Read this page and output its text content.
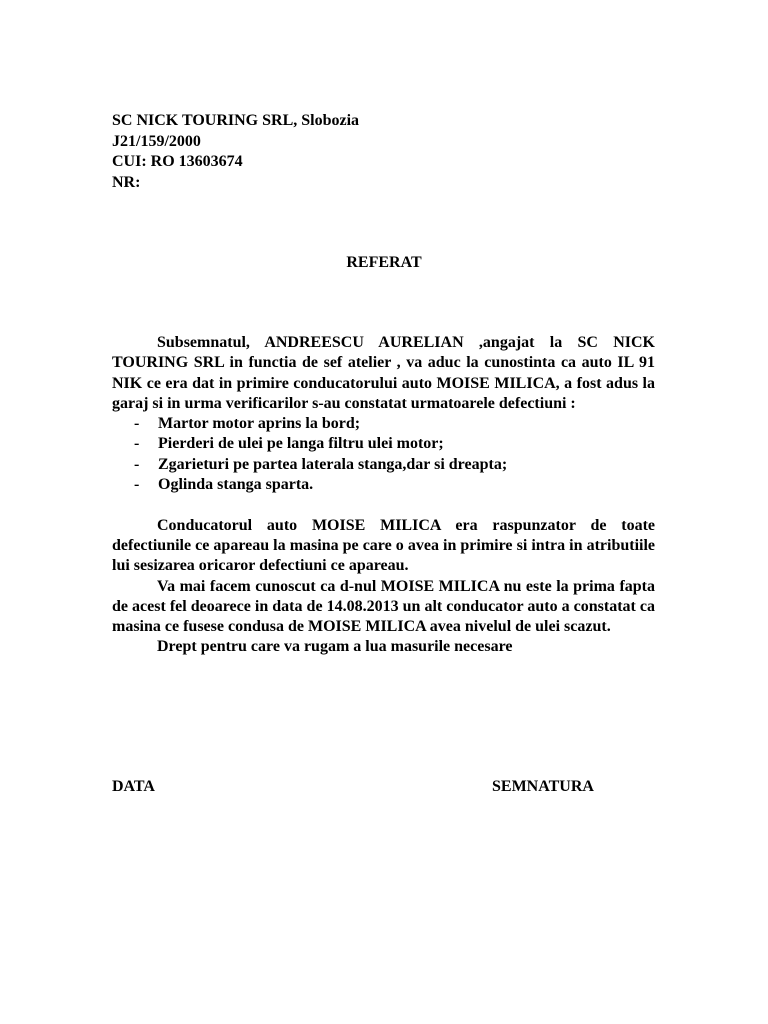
SC NICK TOURING SRL, Slobozia
J21/159/2000
CUI: RO 13603674
NR:
REFERAT

Subsemnatul, ANDREESCU AURELIAN ,angajat la SC NICK TOURING SRL in functia de sef atelier , va aduc la cunostinta ca auto IL 91 NIK ce era dat in primire conducatorului auto MOISE MILICA, a fost adus la garaj si in urma verificarilor s-au constatat urmatoarele defectiuni :

- Martor motor aprins la bord;
- Pierderi de ulei pe langa filtru ulei motor;
- Zgarieturi pe partea laterala stanga,dar si dreapta;
- Oglinda stanga sparta.

Conducatorul auto MOISE MILICA era raspunzator de toate defectiunile ce apareau la masina pe care o avea in primire si intra in atributiile lui sesizarea oricaror defectiuni ce apareau.

Va mai facem cunoscut ca d-nul MOISE MILICA nu este la prima fapta de acest fel deoarece in data de 14.08.2013 un alt conducator auto a constatat ca masina ce fusese condusa de MOISE MILICA avea nivelul de ulei scazut.

Drept pentru care va rugam a lua masurile necesare

DATA	SEMNATURA
